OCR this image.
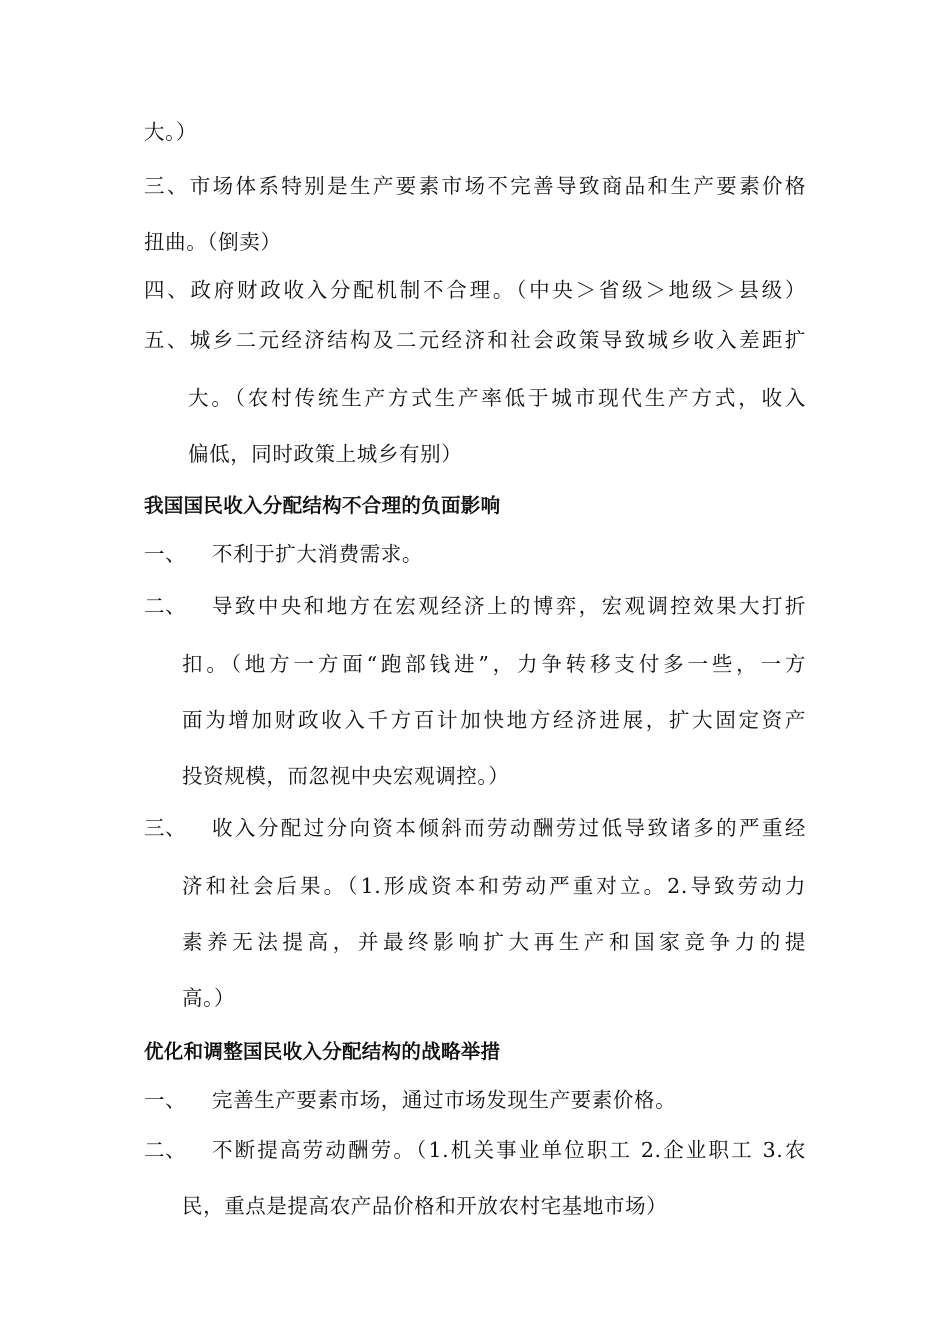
大。）
三、市场体系特别是生产要素市场不完善导致商品和生产要素价格
扭曲。（倒卖）
四、政府财政收入分配机制不合理。（中央＞省级＞地级＞县级）
五、城乡二元经济结构及二元经济和社会政策导致城乡收入差距扩
大。（农村传统生产方式生产率低于城市现代生产方式，收入
偏低，同时政策上城乡有别）
我国国民收入分配结构不合理的负面影响
一、 不利于扩大消费需求。
二、 导致中央和地方在宏观经济上的博弈，宏观调控效果大打折
扣。（地方一方面“跑部钱进”，力争转移支付多一些，一方
面为增加财政收入千方百计加快地方经济进展，扩大固定资产
投资规模，而忽视中央宏观调控。）
三、 收入分配过分向资本倾斜而劳动酬劳过低导致诸多的严重经
济和社会后果。（1.形成资本和劳动严重对立。2.导致劳动力
素养无法提高，并最终影响扩大再生产和国家竞争力的提
高。）
优化和调整国民收入分配结构的战略举措
一、 完善生产要素市场，通过市场发现生产要素价格。
二、 不断提高劳动酬劳。（1.机关事业单位职工 2.企业职工 3.农
民，重点是提高农产品价格和开放农村宅基地市场）
